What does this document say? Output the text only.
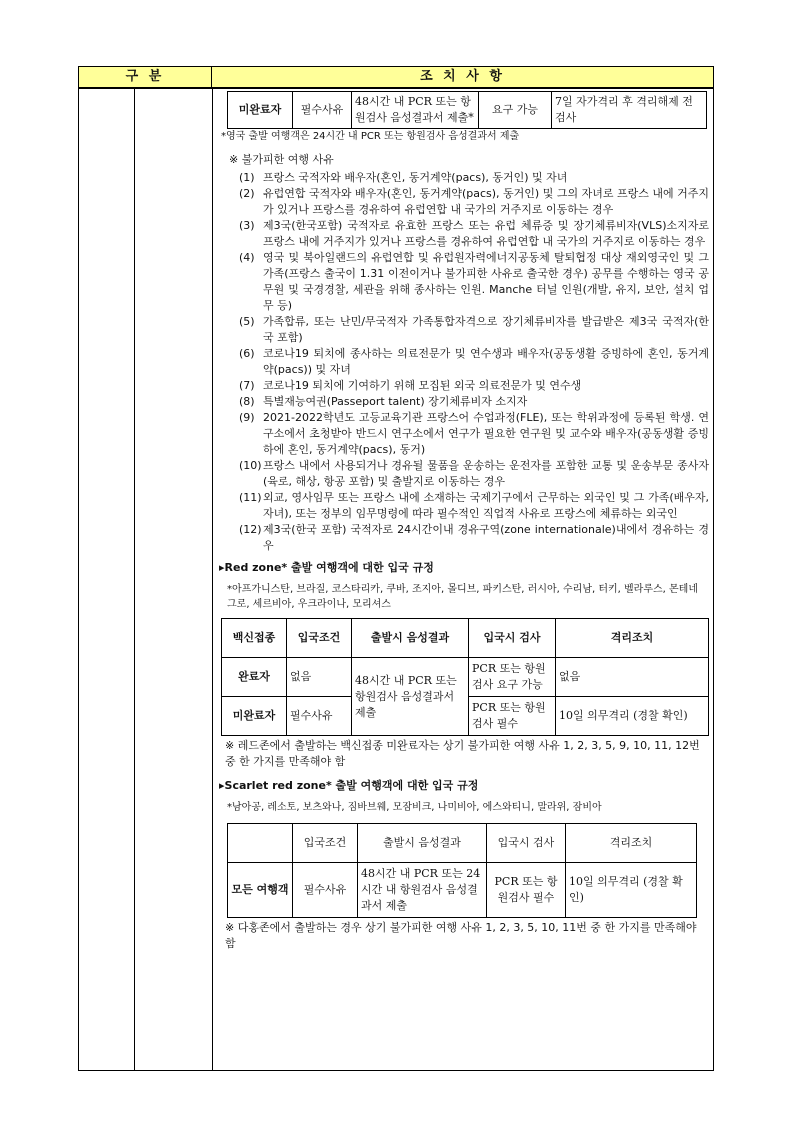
구 분	조 치 사 항
미완료자	필수사유	48시간 내 PCR 또는 항원검사 음성결과서 제출*	요구 가능	7일 자가격리 후 격리해제 전 검사
*영국 출발 여행객은 24시간 내 PCR 또는 항원검사 음성결과서 제출
※ 불가피한 여행 사유
(1) 프랑스 국적자와 배우자(혼인, 동거계약(pacs), 동거인) 및 자녀
(2) 유럽연합 국적자와 배우자(혼인, 동거계약(pacs), 동거인) 및 그의 자녀로 프랑스 내에 거주지가 있거나 프랑스를 경유하여 유럽연합 내 국가의 거주지로 이동하는 경우
(3) 제3국(한국포함) 국적자로 유효한 프랑스 또는 유럽 체류증 및 장기체류비자(VLS)소지자로 프랑스 내에 거주지가 있거나 프랑스를 경유하여 유럽연합 내 국가의 거주지로 이동하는 경우
(4) 영국 및 북아일랜드의 유럽연합 및 유럽원자력에너지공동체 탈퇴협정 대상 재외영국인 및 그 가족(프랑스 출국이 1.31 이전이거나 불가피한 사유로 출국한 경우) 공무를 수행하는 영국 공무원 및 국경경찰, 세관을 위해 종사하는 인원. Manche 터널 인원(개발, 유지, 보안, 설치 업무 등)
(5) 가족합류, 또는 난민/무국적자 가족통합자격으로 장기체류비자를 발급받은 제3국 국적자(한국 포함)
(6) 코로나19 퇴치에 종사하는 의료전문가 및 연수생과 배우자(공동생활 증빙하에 혼인, 동거계약(pacs)) 및 자녀
(7) 코로나19 퇴치에 기여하기 위해 모집된 외국 의료전문가 및 연수생
(8) 특별재능여권(Passeport talent) 장기체류비자 소지자
(9) 2021-2022학년도 고등교육기관 프랑스어 수업과정(FLE), 또는 학위과정에 등록된 학생. 연구소에서 초청받아 반드시 연구소에서 연구가 필요한 연구원 및 교수와 배우자(공동생활 증빙 하에 혼인, 동거계약(pacs), 동거)
(10) 프랑스 내에서 사용되거나 경유될 물품을 운송하는 운전자를 포함한 교통 및 운송부문 종사자(육로, 해상, 항공 포함) 및 출발지로 이동하는 경우
(11) 외교, 영사임무 또는 프랑스 내에 소재하는 국제기구에서 근무하는 외국인 및 그 가족(배우자, 자녀), 또는 정부의 임무명령에 따라 필수적인 직업적 사유로 프랑스에 체류하는 외국인
(12) 제3국(한국 포함) 국적자로 24시간이내 경유구역(zone internationale)내에서 경유하는 경우
▸Red zone* 출발 여행객에 대한 입국 규정
*아프가니스탄, 브라질, 코스타리카, 쿠바, 조지아, 몰디브, 파키스탄, 러시아, 수리남, 터키, 벨라루스, 몬테네그로, 세르비아, 우크라이나, 모리셔스
백신접종	입국조건	출발시 음성결과	입국시 검사	격리조치
완료자	없음	48시간 내 PCR 또는 항원검사 음성결과서 제출	PCR 또는 항원검사 요구 가능	없음
미완료자	필수사유		PCR 또는 항원검사 필수	10일 의무격리 (경찰 확인)
※ 레드존에서 출발하는 백신접종 미완료자는 상기 불가피한 여행 사유 1, 2, 3, 5, 9, 10, 11, 12번 중 한 가지를 만족해야 함
▸Scarlet red zone* 출발 여행객에 대한 입국 규정
*남아공, 레소토, 보츠와나, 짐바브웨, 모잠비크, 나미비아, 에스와티니, 말라위, 잠비아
	입국조건	출발시 음성결과	입국시 검사	격리조치
모든 여행객	필수사유	48시간 내 PCR 또는 24시간 내 항원검사 음성결과서 제출	PCR 또는 항원검사 필수	10일 의무격리 (경찰 확인)
※ 다홍존에서 출발하는 경우 상기 불가피한 여행 사유 1, 2, 3, 5, 10, 11번 중 한 가지를 만족해야 함
